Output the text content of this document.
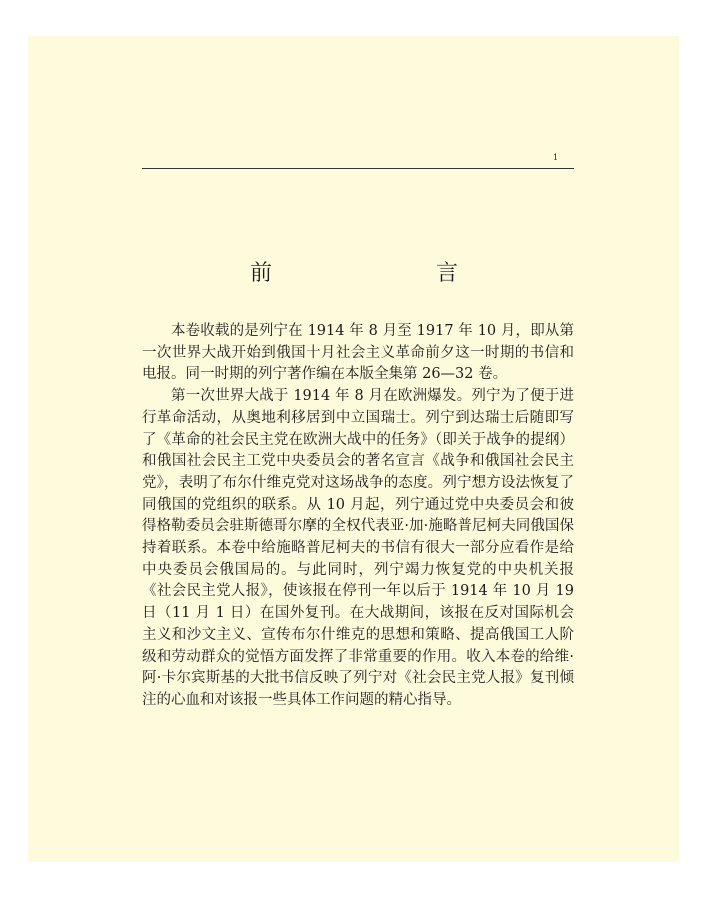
1
前　　言

本卷收载的是列宁在 1914 年 8 月至 1917 年 10 月，即从第一次世界大战开始到俄国十月社会主义革命前夕这一时期的书信和电报。同一时期的列宁著作编在本版全集第 26—32 卷。

第一次世界大战于 1914 年 8 月在欧洲爆发。列宁为了便于进行革命活动，从奥地利移居到中立国瑞士。列宁到达瑞士后随即写了《革命的社会民主党在欧洲大战中的任务》（即关于战争的提纲）和俄国社会民主工党中央委员会的著名宣言《战争和俄国社会民主党》，表明了布尔什维克党对这场战争的态度。列宁想方设法恢复了同俄国的党组织的联系。从 10 月起，列宁通过党中央委员会和彼得格勒委员会驻斯德哥尔摩的全权代表亚·加·施略普尼柯夫同俄国保持着联系。本卷中给施略普尼柯夫的书信有很大一部分应看作是给中央委员会俄国局的。与此同时，列宁竭力恢复党的中央机关报《社会民主党人报》，使该报在停刊一年以后于 1914 年 10 月 19 日（11 月 1 日）在国外复刊。在大战期间，该报在反对国际机会主义和沙文主义、宣传布尔什维克的思想和策略、提高俄国工人阶级和劳动群众的觉悟方面发挥了非常重要的作用。收入本卷的给维·阿·卡尔宾斯基的大批书信反映了列宁对《社会民主党人报》复刊倾注的心血和对该报一些具体工作问题的精心指导。
